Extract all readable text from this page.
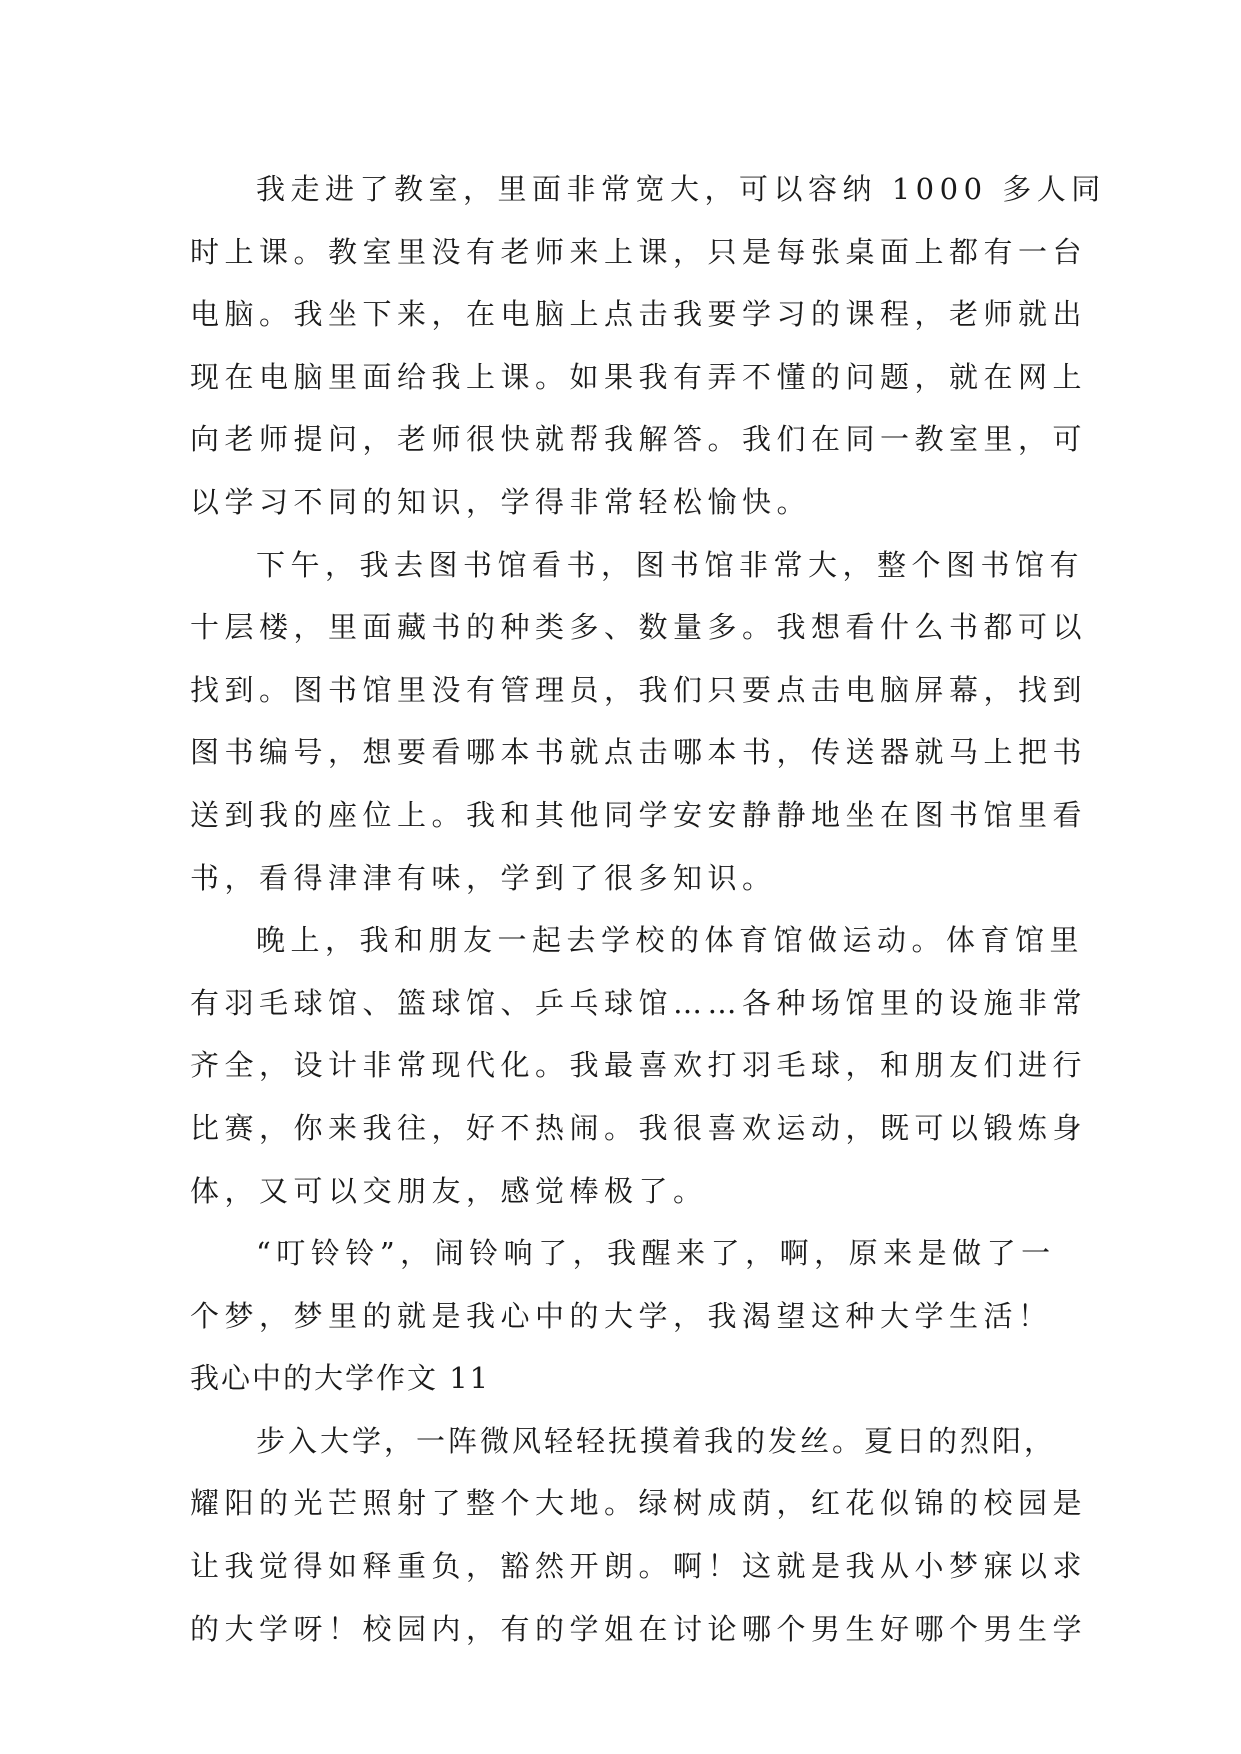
我走进了教室，里面非常宽大，可以容纳 1000 多人同
时上课。教室里没有老师来上课，只是每张桌面上都有一台
电脑。我坐下来，在电脑上点击我要学习的课程，老师就出
现在电脑里面给我上课。如果我有弄不懂的问题，就在网上
向老师提问，老师很快就帮我解答。我们在同一教室里，可
以学习不同的知识，学得非常轻松愉快。
下午，我去图书馆看书，图书馆非常大，整个图书馆有
十层楼，里面藏书的种类多、数量多。我想看什么书都可以
找到。图书馆里没有管理员，我们只要点击电脑屏幕，找到
图书编号，想要看哪本书就点击哪本书，传送器就马上把书
送到我的座位上。我和其他同学安安静静地坐在图书馆里看
书，看得津津有味，学到了很多知识。
晚上，我和朋友一起去学校的体育馆做运动。体育馆里
有羽毛球馆、篮球馆、乒乓球馆……各种场馆里的设施非常
齐全，设计非常现代化。我最喜欢打羽毛球，和朋友们进行
比赛，你来我往，好不热闹。我很喜欢运动，既可以锻炼身
体，又可以交朋友，感觉棒极了。
“叮铃铃”，闹铃响了，我醒来了，啊，原来是做了一
个梦，梦里的就是我心中的大学，我渴望这种大学生活！
我心中的大学作文 11
步入大学，一阵微风轻轻抚摸着我的发丝。夏日的烈阳，
耀阳的光芒照射了整个大地。绿树成荫，红花似锦的校园是
让我觉得如释重负，豁然开朗。啊！这就是我从小梦寐以求
的大学呀！校园内，有的学姐在讨论哪个男生好哪个男生学
